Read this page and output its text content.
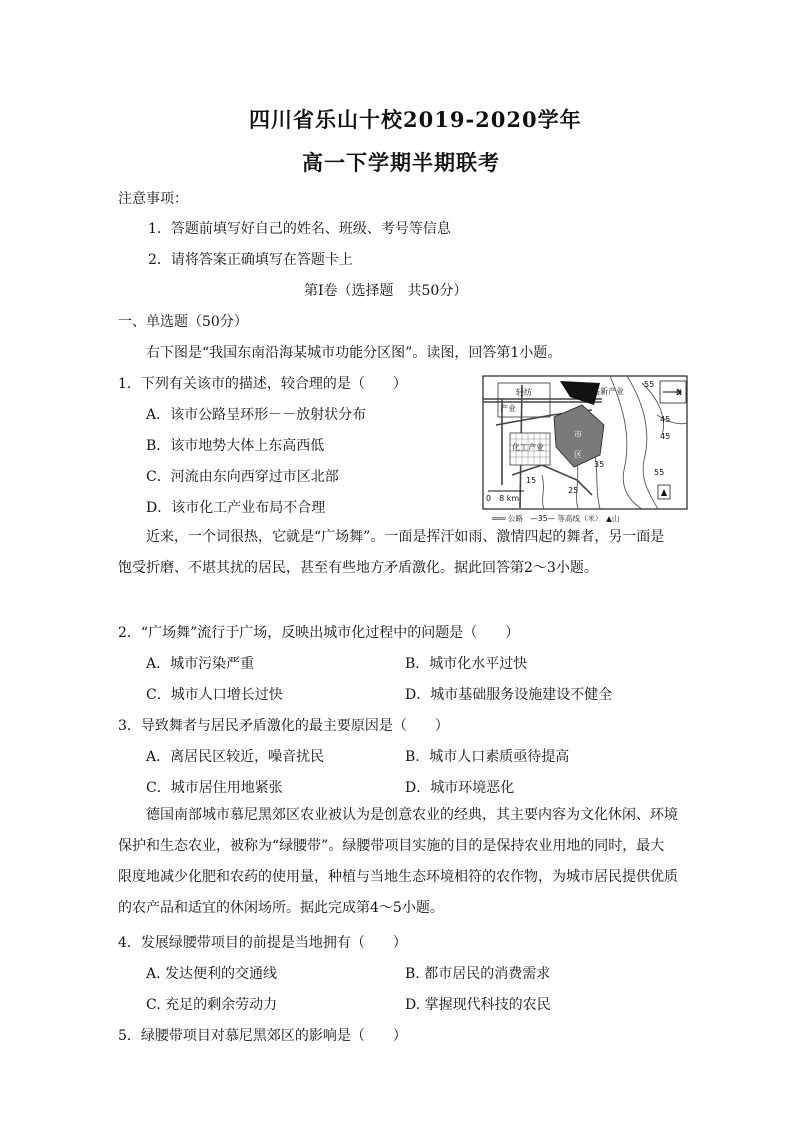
四川省乐山十校2019-2020学年
高一下学期半期联考
注意事项：
1．答题前填写好自己的姓名、班级、考号等信息
2．请将答案正确填写在答题卡上
第Ⅰ卷（选择题　共50分）
一、单选题（50分）
右下图是“我国东南沿海某城市功能分区图”。读图，回答第1小题。
1．下列有关该市的描述，较合理的是（　　）
A．该市公路呈环形－－放射状分布
B．该市地势大体上东高西低
C．河流由东向西穿过市区北部
D．该市化工产业布局不合理
轻纺
产业
高新产业
化工产业
市
区
N
55
45
45
35
25
15
55
0　8 km
═══ 公路　—35— 等高线（米）　▲山
近来，一个词很热，它就是“广场舞”。一面是挥汗如雨、激情四起的舞者，另一面是饱受折磨、不堪其扰的居民，甚至有些地方矛盾激化。据此回答第2～3小题。
2．“广场舞”流行于广场，反映出城市化过程中的问题是（　　）
A．城市污染严重	B．城市化水平过快
C．城市人口增长过快	D．城市基础服务设施建设不健全
3．导致舞者与居民矛盾激化的最主要原因是（　　）
A．离居民区较近，噪音扰民	B．城市人口素质亟待提高
C．城市居住用地紧张	D．城市环境恶化
德国南部城市慕尼黑郊区农业被认为是创意农业的经典，其主要内容为文化休闲、环境保护和生态农业，被称为“绿腰带”。绿腰带项目实施的目的是保持农业用地的同时，最大限度地减少化肥和农药的使用量，种植与当地生态环境相符的农作物，为城市居民提供优质的农产品和适宜的休闲场所。据此完成第4～5小题。
4．发展绿腰带项目的前提是当地拥有（　　）
A. 发达便利的交通线	B. 都市居民的消费需求
C. 充足的剩余劳动力	D. 掌握现代科技的农民
5．绿腰带项目对慕尼黑郊区的影响是（　　）
